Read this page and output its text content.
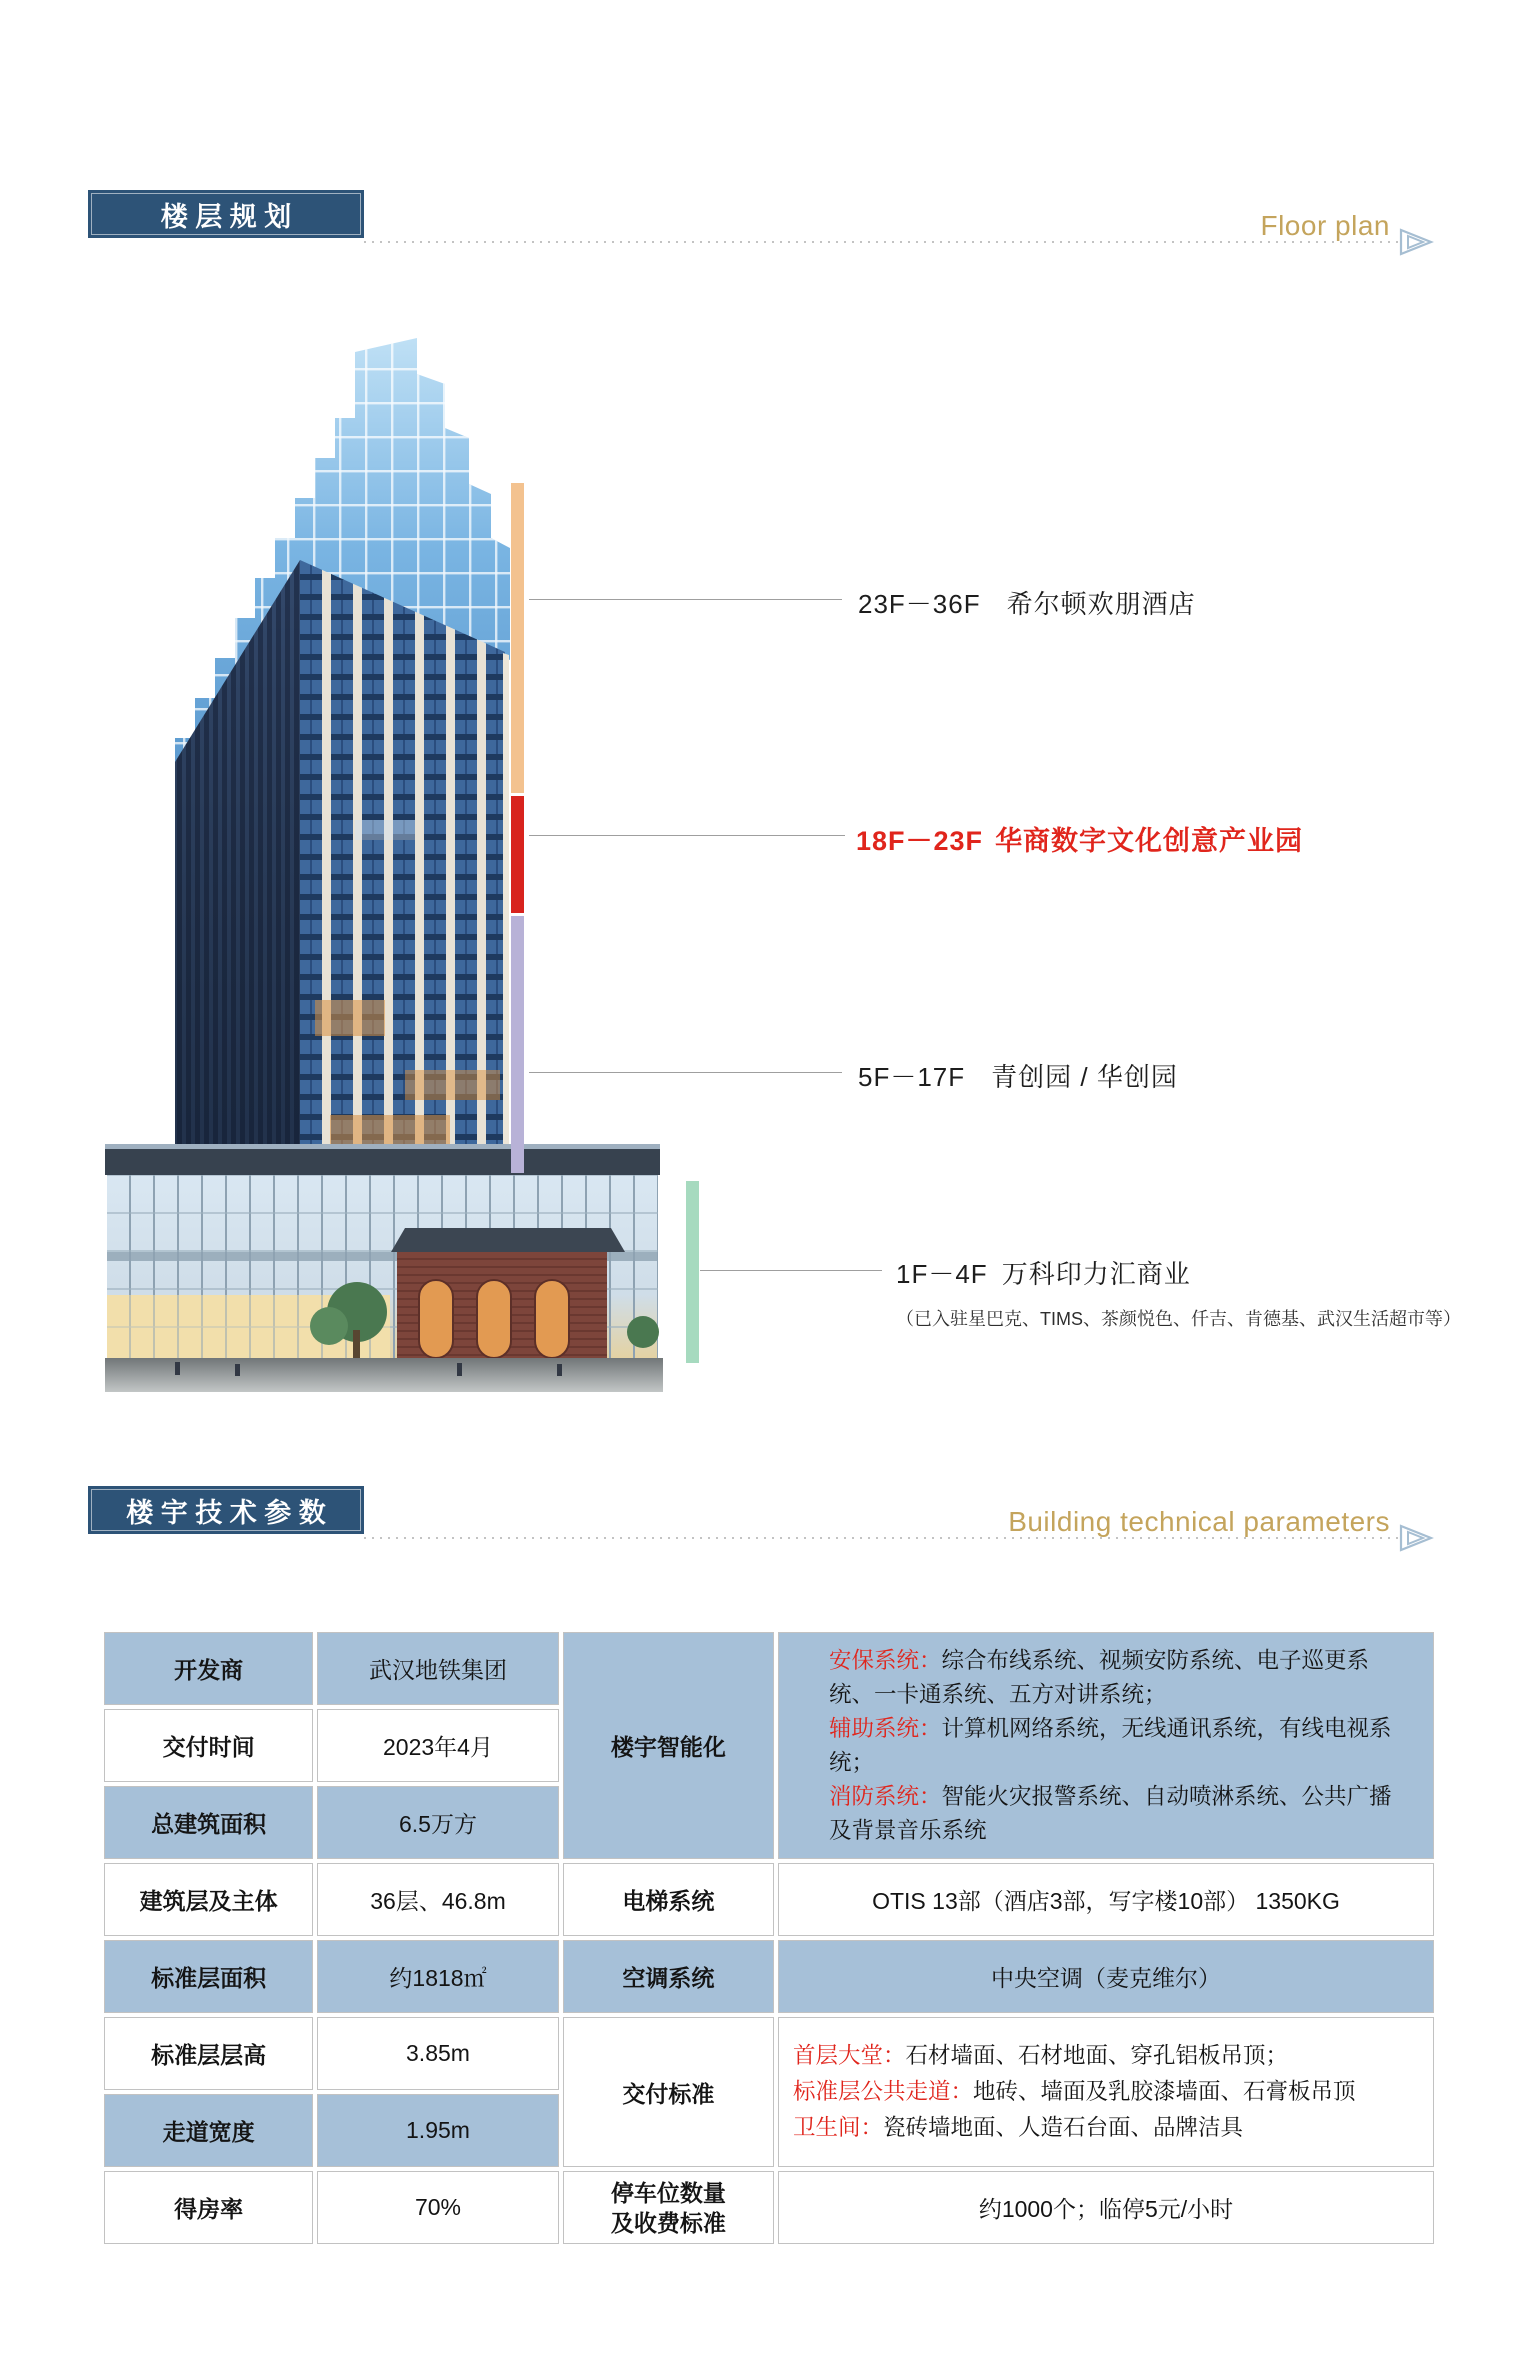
楼 层 规 划	Floor plan
23F－36F 希尔顿欢朋酒店
18F－23F 华商数字文化创意产业园
5F－17F 青创园 / 华创园
1F－4F 万科印力汇商业
（已入驻星巴克、TIMS、茶颜悦色、仟吉、肯德基、武汉生活超市等）
楼 宇 技 术 参 数	Building technical parameters
开发商	武汉地铁集团	楼宇智能化	安保系统：综合布线系统、视频安防系统、电子巡更系统、一卡通系统、五方对讲系统；
辅助系统：计算机网络系统，无线通讯系统，有线电视系统；
消防系统：智能火灾报警系统、自动喷淋系统、公共广播及背景音乐系统
交付时间	2023年4月		
总建筑面积	6.5万方		
建筑层及主体	36层、46.8m	电梯系统	OTIS 13部（酒店3部，写字楼10部） 1350KG
标准层面积	约1818㎡	空调系统	中央空调（麦克维尔）
标准层层高	3.85m	交付标准	首层大堂：石材墙面、石材地面、穿孔铝板吊顶；
标准层公共走道：地砖、墙面及乳胶漆墙面、石膏板吊顶
卫生间：瓷砖墙地面、人造石台面、品牌洁具
走道宽度	1.95m		
得房率	70%	停车位数量
及收费标准	约1000个；临停5元/小时
